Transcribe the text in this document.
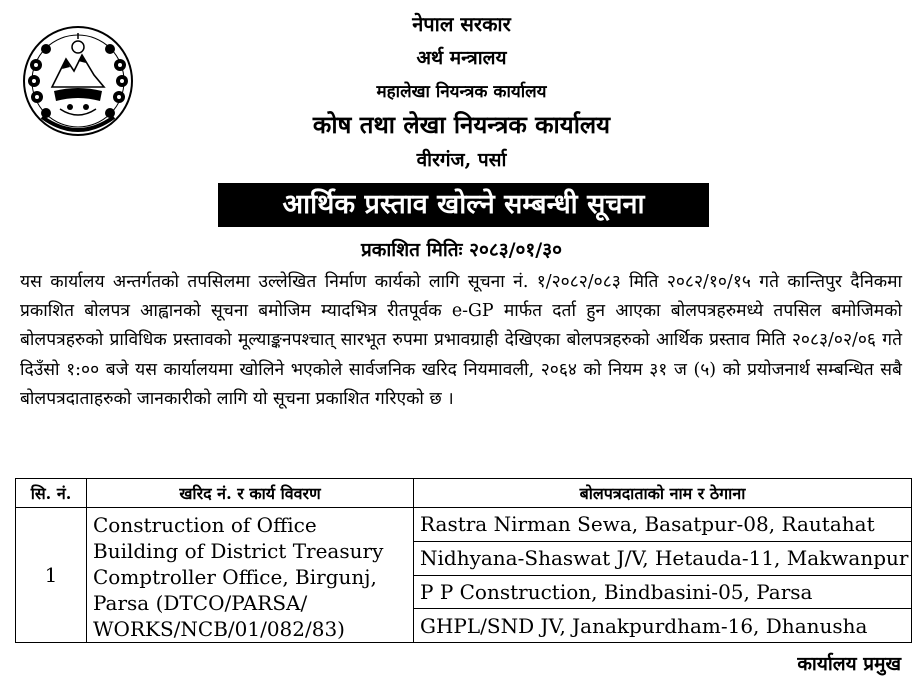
नेपाल सरकार
अर्थ मन्त्रालय
महालेखा नियन्त्रक कार्यालय
कोष तथा लेखा नियन्त्रक कार्यालय
वीरगंज, पर्सा
आर्थिक प्रस्ताव खोल्ने सम्बन्धी सूचना
प्रकाशित मितिः २०८३/०१/३०
यस कार्यालय अन्तर्गतको तपसिलमा उल्लेखित निर्माण कार्यको लागि सूचना नं. १/२०८२/०८३ मिति २०८२/१०/१५ गते कान्तिपुर दैनिकमा प्रकाशित बोलपत्र आह्वानको सूचना बमोजिम म्यादभित्र रीतपूर्वक e-GP मार्फत दर्ता हुन आएका बोलपत्रहरुमध्ये तपसिल बमोजिमको बोलपत्रहरुको प्राविधिक प्रस्तावको मूल्याङ्कनपश्चात् सारभूत रुपमा प्रभावग्राही देखिएका बोलपत्रहरुको आर्थिक प्रस्ताव मिति २०८३/०२/०६ गते दिउँसो १:०० बजे यस कार्यालयमा खोलिने भएकोले सार्वजनिक खरिद नियमावली, २०६४ को नियम ३१ ज (५) को प्रयोजनार्थ सम्बन्धित सबै बोलपत्रदाताहरुको जानकारीको लागि यो सूचना प्रकाशित गरिएको छ ।
सि. नं.	खरिद नं. र कार्य विवरण	बोलपत्रदाताको नाम र ठेगाना
1	Construction of Office Building of District Treasury Comptroller Office, Birgunj, Parsa (DTCO/PARSA/ WORKS/NCB/01/082/83)	Rastra Nirman Sewa, Basatpur-08, Rautahat
		Nidhyana-Shaswat J/V, Hetauda-11, Makwanpur
		P P Construction, Bindbasini-05, Parsa
		GHPL/SND JV, Janakpurdham-16, Dhanusha
कार्यालय प्रमुख
